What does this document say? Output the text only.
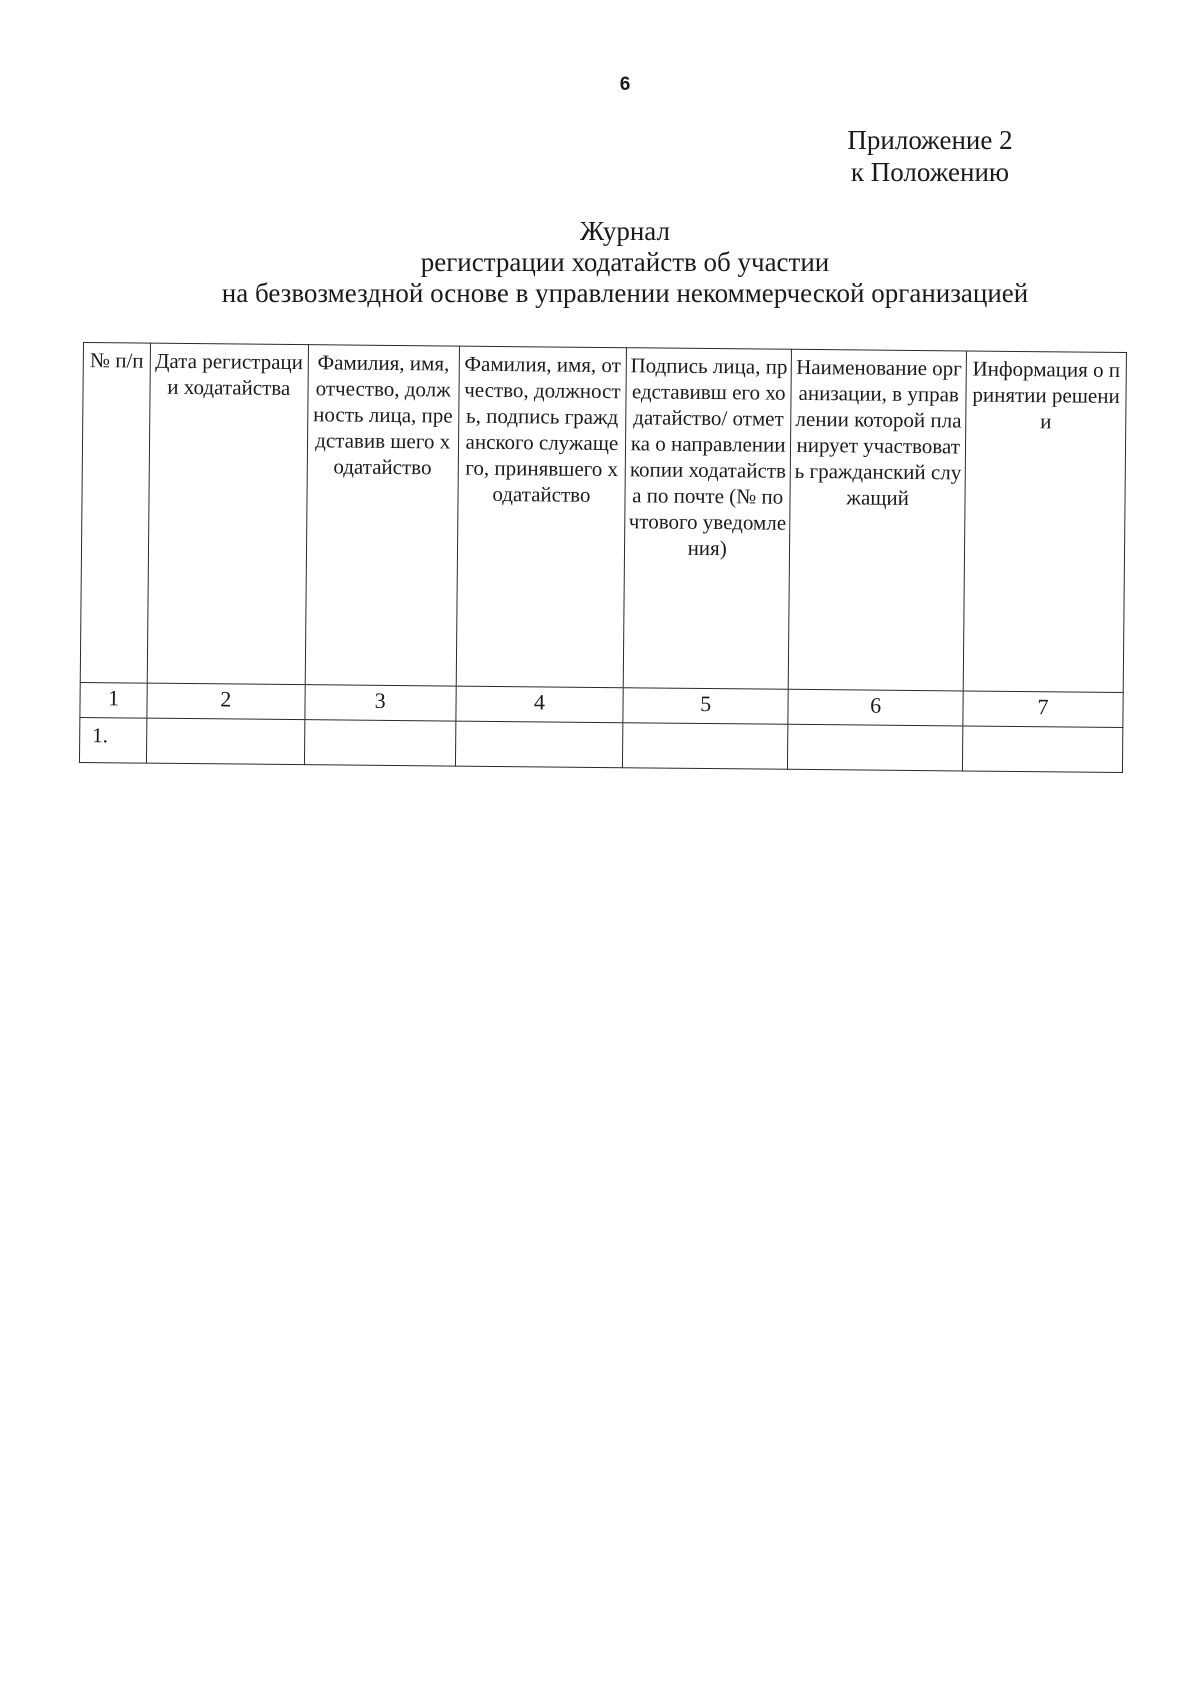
6
Приложение 2
к Положению
Журнал
регистрации ходатайств об участии
на безвозмездной основе в управлении некоммерческой организацией
№ п/п	Дата регистрации ходатайства	Фамилия, имя, отчество, должность лица, представив шего ходатайство	Фамилия, имя, отчество, должность, подпись гражданского служащего, принявшего ходатайство	Подпись лица, представивш его ходатайство/ отметка о направлении копии ходатайства по почте (№ почтового уведомления)	Наименование организации, в управлении которой планирует участвовать гражданский служащий	Информация о принятии решении
1	2	3	4	5	6	7
1.						
